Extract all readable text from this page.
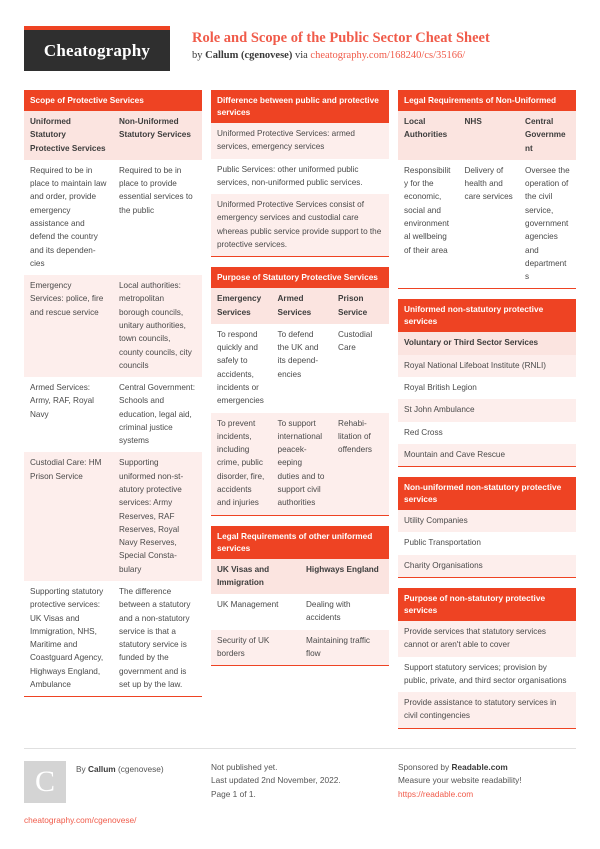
Cheatography
Role and Scope of the Public Sector Cheat Sheet
by Callum (cgenovese) via cheatography.com/168240/cs/35166/
Scope of Protective Services
Uniformed Statutory Protective Services	Non-Uniformed Statutory Services
Required to be in place to maintain law and order, provide emergency assistance and defend the country and its dependencies	Required to be in place to provide essential services to the public
Emergency Services: police, fire and rescue service	Local authorities: metropolitan borough councils, unitary authorities, town councils, county councils, city councils
Armed Services: Army, RAF, Royal Navy	Central Government: Schools and education, legal aid, criminal justice systems
Custodial Care: HM Prison Service	Supporting uniformed non-statutory protective services: Army Reserves, RAF Reserves, Royal Navy Reserves, Special Constabulary
Supporting statutory protective services: UK Visas and Immigration, NHS, Maritime and Coastguard Agency, Highways England, Ambulance	The difference between a statutory and a non-statutory service is that a statutory service is funded by the government and is set up by the law.
Difference between public and protective services
Uniformed Protective Services: armed services, emergency services
Public Services: other uniformed public services, non-uniformed public services.
Uniformed Protective Services consist of emergency services and custodial care whereas public service provide support to the protective services.
Purpose of Statutory Protective Services
Emergency Services	Armed Services	Prison Service
To respond quickly and safely to accidents, incidents or emergencies	To defend the UK and its dependencies	Custodial Care
To prevent incidents, including crime, public disorder, fire, accidents and injuries	To support international peacekeeping duties and to support civil authorities	Rehabilitation of offenders
Legal Requirements of other uniformed services
UK Visas and Immigration	Highways England
UK Management	Dealing with accidents
Security of UK borders	Maintaining traffic flow
Legal Requirements of Non-Uniformed
Local Authorities	NHS	Central Government
Responsibility for the economic, social and environmental wellbeing of their area	Delivery of health and care services	Oversee the operation of the civil service, government agencies and departments
Uniformed non-statutory protective services
Voluntary or Third Sector Services
Royal National Lifeboat Institute (RNLI)
Royal British Legion
St John Ambulance
Red Cross
Mountain and Cave Rescue
Non-uniformed non-statutory protective services
Utility Companies
Public Transportation
Charity Organisations
Purpose of non-statutory protective services
Provide services that statutory services cannot or aren't able to cover
Support statutory services; provision by public, private, and third sector organisations
Provide assistance to statutory services in civil contingencies
C	By Callum (cgenovese)
cheatography.com/cgenovese/
Not published yet.
Last updated 2nd November, 2022.
Page 1 of 1.
Sponsored by Readable.com
Measure your website readability!
https://readable.com
